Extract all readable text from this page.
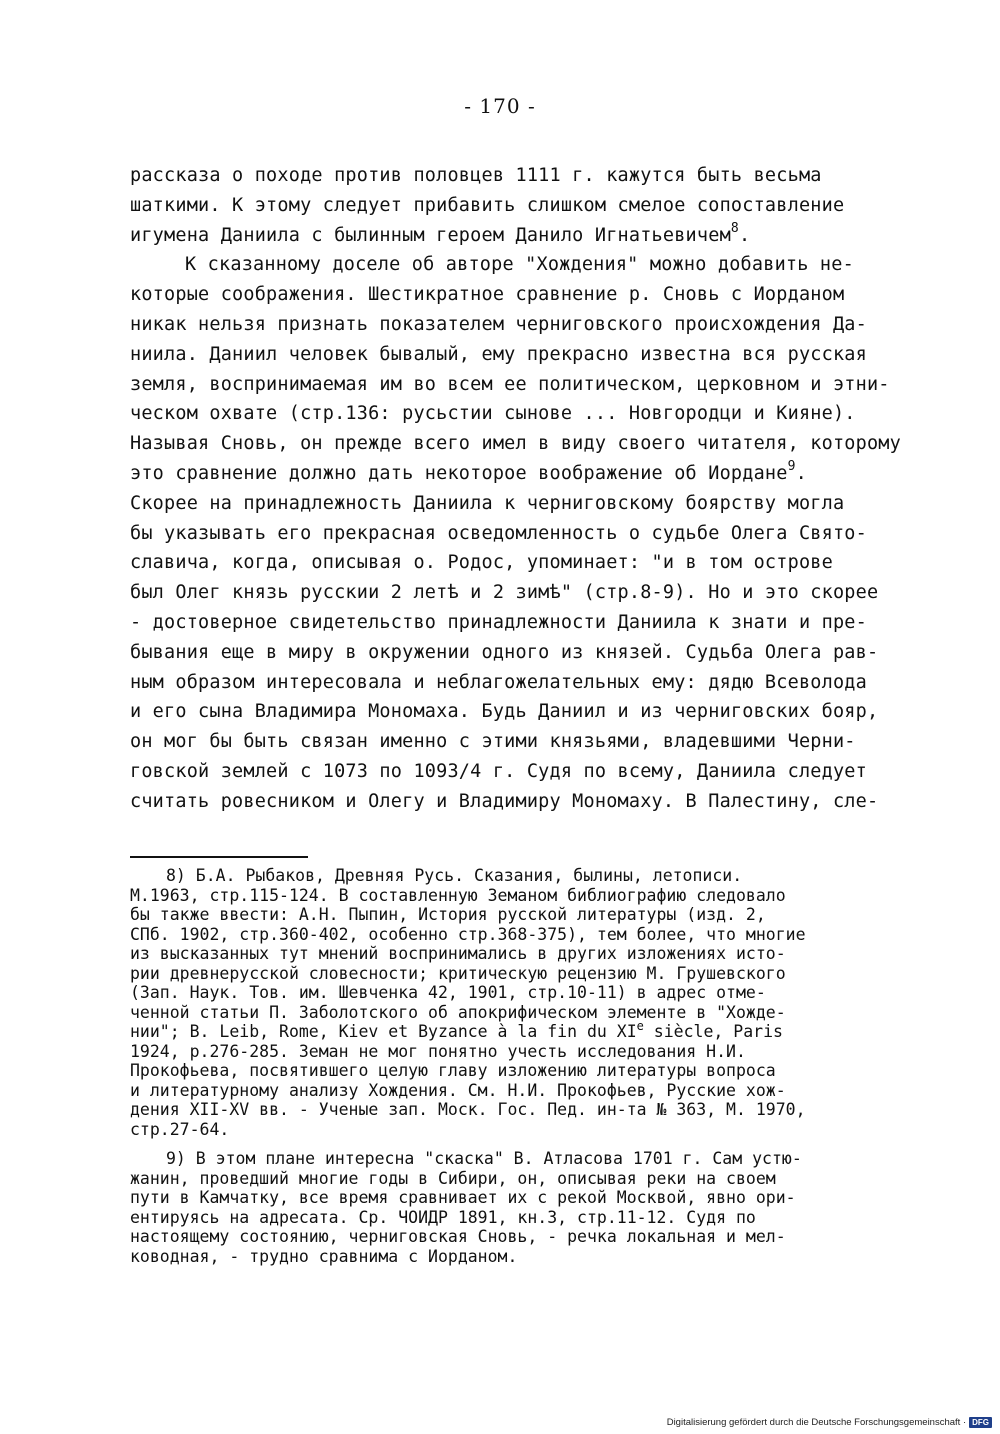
- 170 -
рассказа о походе против половцев 1111 г. кажутся быть весьма
шаткими. К этому следует прибавить слишком смелое сопоставление
игумена Даниила с былинным героем Данило Игнатьевичем$^8$.
К сказанному доселе об авторе "Хождения" можно добавить не-
которые соображения. Шестикратное сравнение р. Сновь с Иорданом
никак нельзя признать показателем черниговского происхождения Да-
ниила. Даниил человек бывалый, ему прекрасно известна вся русская
земля, воспринимаемая им во всем ее политическом, церковном и этни-
ческом охвате (стр.136: русьстии сынове ... Новгородци и Кияне).
Называя Сновь, он прежде всего имел в виду своего читателя, которому
это сравнение должно дать некоторое воображение об Иордане$^9$.
Скорее на принадлежность Даниила к черниговскому боярству могла
бы указывать его прекрасная осведомленность о судьбе Олега Свято-
славича, когда, описывая о. Родос, упоминает: "и в том острове
был Олег князь русскии 2 летѣ и 2 зимѣ" (стр.8-9). Но и это скорее
- достоверное свидетельство принадлежности Даниила к знати и пре-
бывания еще в миру в окружении одного из князей. Судьба Олега рав-
ным образом интересовала и неблагожелательных ему: дядю Всеволода
и его сына Владимира Мономаха. Будь Даниил и из черниговских бояр,
он мог бы быть связан именно с этими князьями, владевшими Черни-
говской землей с 1073 по 1093/4 г. Судя по всему, Даниила следует
считать ровесником и Олегу и Владимиру Мономаху. В Палестину, сле-
8) Б.А. Рыбаков, Древняя Русь. Сказания, былины, летописи.
М.1963, стр.115-124. В составленную Земаном библиографию следовало
бы также ввести: А.Н. Пыпин, История русской литературы (изд. 2,
СПб. 1902, стр.360-402, особенно стр.368-375), тем более, что многие
из высказанных тут мнений воспринимались в других изложениях исто-
рии древнерусской словесности; критическую рецензию М. Грушевского
(Зап. Наук. Тов. им. Шевченка 42, 1901, стр.10-11) в адрес отме-
ченной статьи П. Заболотского об апокрифическом элементе в "Хожде-
нии"; B. Leib, Rome, Kiev et Byzance à la fin du XIe siècle, Paris
1924, p.276-285. Земан не мог понятно учесть исследования Н.И.
Прокофьева, посвятившего целую главу изложению литературы вопроса
и литературному анализу Хождения. См. Н.И. Прокофьев, Русские хож-
дения XII-XV вв. - Ученые зап. Моск. Гос. Пед. ин-та № 363, М. 1970,
стр.27-64.
9) В этом плане интересна "скаска" В. Атласова 1701 г. Сам устю-
жанин, проведший многие годы в Сибири, он, описывая реки на своем
пути в Камчатку, все время сравнивает их с рекой Москвой, явно ори-
ентируясь на адресата. Ср. ЧОИДР 1891, кн.3, стр.11-12. Судя по
настоящему состоянию, черниговская Сновь, - речка локальная и мел-
ководная, - трудно сравнима с Иорданом.
Digitalisierung gefördert durch die Deutsche Forschungsgemeinschaft · DFG
